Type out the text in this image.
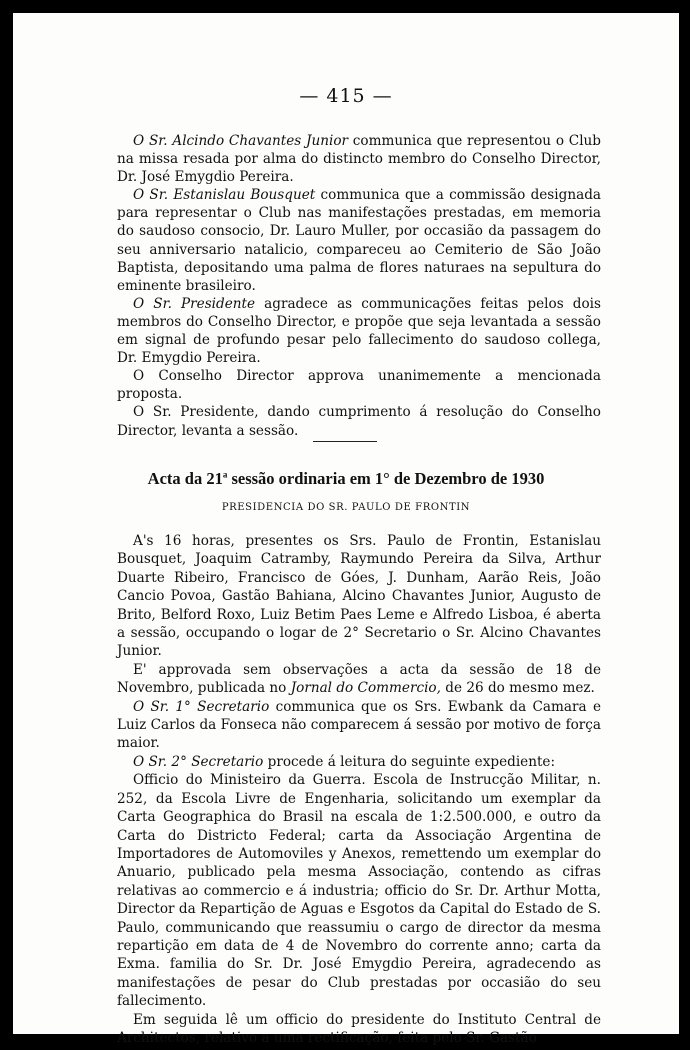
— 415 —

O Sr. Alcindo Chavantes Junior communica que representou o Club na missa resada por alma do distincto membro do Conselho Director, Dr. José Emygdio Pereira.

O Sr. Estanislau Bousquet communica que a commissão designada para representar o Club nas manifestações prestadas, em memoria do saudoso consocio, Dr. Lauro Muller, por occasião da passagem do seu anniversario natalicio, compareceu ao Cemiterio de São João Baptista, depositando uma palma de flores naturaes na sepultura do eminente brasileiro.

O Sr. Presidente agradece as communicações feitas pelos dois membros do Conselho Director, e propõe que seja levantada a sessão em signal de profundo pesar pelo fallecimento do saudoso collega, Dr. Emygdio Pereira.

O Conselho Director approva unanimemente a mencionada proposta.

O Sr. Presidente, dando cumprimento á resolução do Conselho Director, levanta a sessão.

Acta da 21$^a$ sessão ordinaria em 1° de Dezembro de 1930
PRESIDENCIA DO SR. PAULO DE FRONTIN

A's 16 horas, presentes os Srs. Paulo de Frontin, Estanislau Bousquet, Joaquim Catramby, Raymundo Pereira da Silva, Arthur Duarte Ribeiro, Francisco de Góes, J. Dunham, Aarão Reis, João Cancio Povoa, Gastão Bahiana, Alcino Chavantes Junior, Augusto de Brito, Belford Roxo, Luiz Betim Paes Leme e Alfredo Lisboa, é aberta a sessão, occupando o logar de 2° Secretario o Sr. Alcino Chavantes Junior.

E' approvada sem observações a acta da sessão de 18 de Novembro, publicada no Jornal do Commercio, de 26 do mesmo mez.

O Sr. 1° Secretario communica que os Srs. Ewbank da Camara e Luiz Carlos da Fonseca não comparecem á sessão por motivo de força maior.

O Sr. 2° Secretario procede á leitura do seguinte expediente:

Officio do Ministeiro da Guerra. Escola de Instrucção Militar, n. 252, da Escola Livre de Engenharia, solicitando um exemplar da Carta Geographica do Brasil na escala de 1:2.500.000, e outro da Carta do Districto Federal; carta da Associação Argentina de Importadores de Automoviles y Anexos, remettendo um exemplar do Anuario, publicado pela mesma Associação, contendo as cifras relativas ao commercio e á industria; officio do Sr. Dr. Arthur Motta, Director da Repartição de Aguas e Esgotos da Capital do Estado de S. Paulo, communicando que reassumiu o cargo de director da mesma repartição em data de 4 de Novembro do corrente anno; carta da Exma. familia do Sr. Dr. José Emygdio Pereira, agradecendo as manifestações de pesar do Club prestadas por occasião do seu fallecimento.

Em seguida lê um officio do presidente do Instituto Central de Architectos, relativo a uma rectificação, feita pelo Sr. Gastão
